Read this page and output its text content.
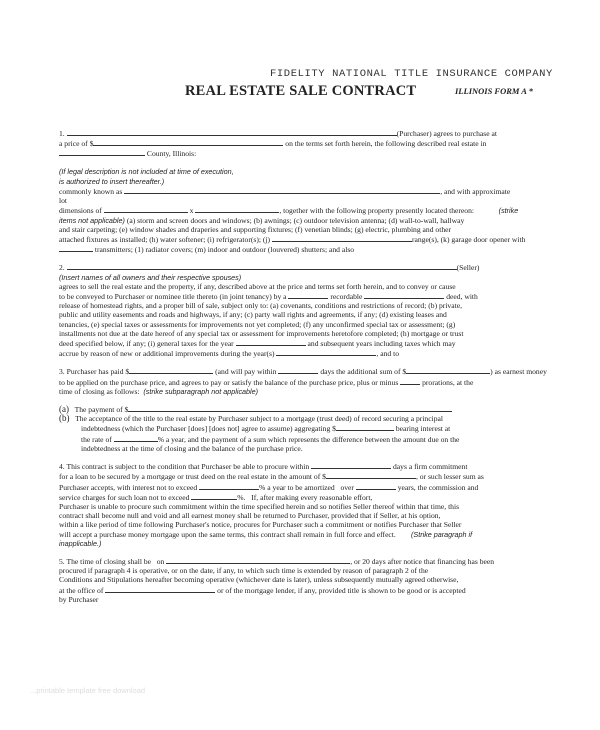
FIDELITY NATIONAL TITLE INSURANCE COMPANY
REAL ESTATE SALE CONTRACT	ILLINOIS FORM A *
1.	(Purchaser) agrees to purchase at
a price of $	on the terms set forth herein, the following described real estate in
County, Illinois:
(If legal description is not included at time of execution,
is authorized to insert thereafter.)
commonly known as	, and with approximate
lot
dimensions of	x	, together with the following property presently located thereon:	(strike
items not applicable) (a) storm and screen doors and windows; (b) awnings; (c) outdoor television antenna; (d) wall-to-wall, hallway
and stair carpeting; (e) window shades and draperies and supporting fixtures; (f) venetian blinds; (g) electric, plumbing and other
attached fixtures as installed; (h) water softener; (i) refrigerator(s); (j)	range(s), (k) garage door opener with
transmitters; (1) radiator covers; (m) indoor and outdoor (louvered) shutters; and also
2.	(Seller)
(Insert names of all owners and their respective spouses)
agrees to sell the real estate and the property, if any, described above at the price and terms set forth herein, and to convey or cause
to be conveyed to Purchaser or nominee title thereto (in joint tenancy) by a	recordable	deed, with
release of homestead rights, and a proper bill of sale, subject only to: (a) covenants, conditions and restrictions of record; (b) private,
public and utility easements and roads and highways, if any; (c) party wall rights and agreements, if any; (d) existing leases and
tenancies, (e) special taxes or assessments for improvements not yet completed; (f) any unconfirmed special tax or assessment; (g)
installments not due at the date hereof of any special tax or assessment for improvements heretofore completed; (h) mortgage or trust
deed specified below, if any; (i) general taxes for the year	and subsequent years including taxes which may
accrue by reason of new or additional improvements during the year(s)	, and to
3. Purchaser has paid $	(and will pay within	days the additional sum of $	) as earnest money
to be applied on the purchase price, and agrees to pay or satisfy the balance of the purchase price, plus or minus	prorations, at the
time of closing as follows: (strike subparagraph not applicable)
(a) The payment of $
(b) The acceptance of the title to the real estate by Purchaser subject to a mortgage (trust deed) of record securing a principal
indebtedness (which the Purchaser [does] [does not] agree to assume) aggregating $	bearing interest at
the rate of	% a year, and the payment of a sum which represents the difference between the amount due on the
indebtedness at the time of closing and the balance of the purchase price.
4. This contract is subject to the condition that Purchaser be able to procure within	days a firm commitment
for a loan to be secured by a mortgage or trust deed on the real estate in the amount of $	, or such lesser sum as
Purchaser accepts, with interest not to exceed	% a year to be amortized over	years, the commission and
service charges for such loan not to exceed	%. If, after making every reasonable effort,
Purchaser is unable to procure such commitment within the time specified herein and so notifies Seller thereof within that time, this
contract shall become null and void and all earnest money shall be returned to Purchaser, provided that if Seller, at his option,
within a like period of time following Purchaser's notice, procures for Purchaser such a commitment or notifies Purchaser that Seller
will accept a purchase money mortgage upon the same terms, this contract shall remain in full force and effect. (Strike paragraph if
inapplicable.)
5. The time of closing shall be on	, or 20 days after notice that financing has been
procured if paragraph 4 is operative, or on the date, if any, to which such time is extended by reason of paragraph 2 of the
Conditions and Stipulations hereafter becoming operative (whichever date is later), unless subsequently mutually agreed otherwise,
at the office of	or of the mortgage lender, if any, provided title is shown to be good or is accepted
by Purchaser
...printable template free download
